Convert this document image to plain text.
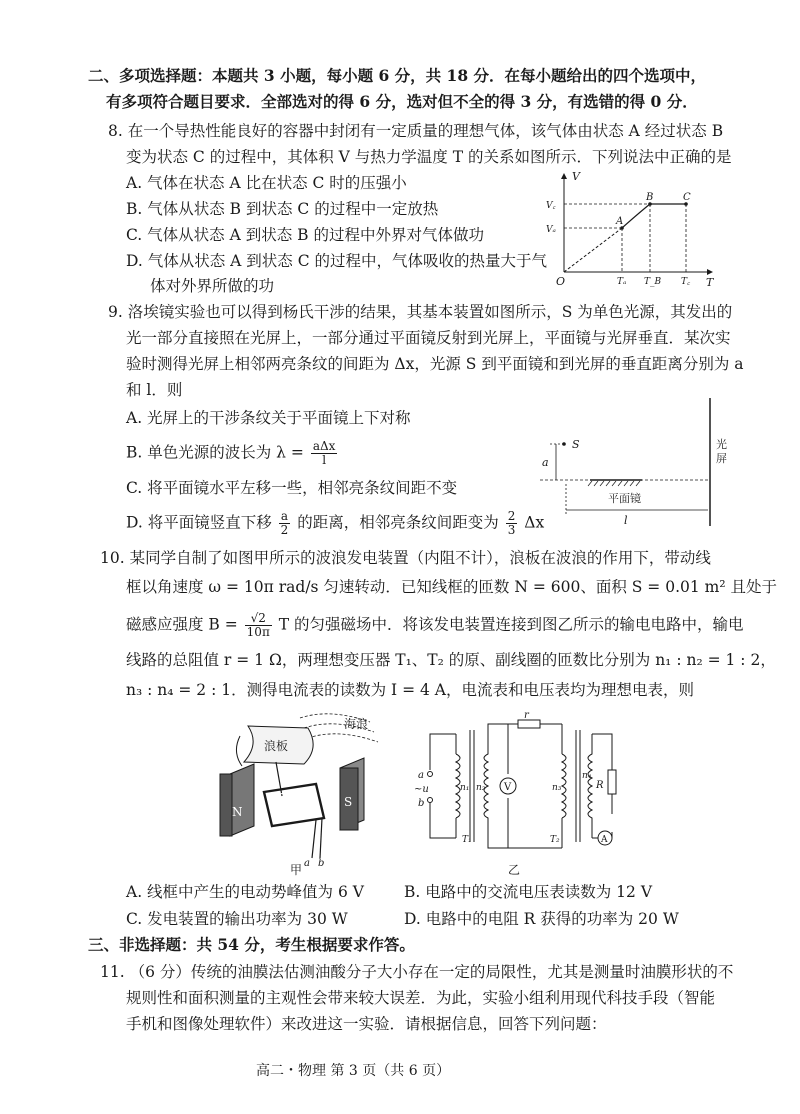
二、多项选择题：本题共 3 小题，每小题 6 分，共 18 分．在每小题给出的四个选项中，
有多项符合题目要求．全部选对的得 6 分，选对但不全的得 3 分，有选错的得 0 分．
8. 在一个导热性能良好的容器中封闭有一定质量的理想气体，该气体由状态 A 经过状态 B
变为状态 C 的过程中，其体积 V 与热力学温度 T 的关系如图所示．下列说法中正确的是
A. 气体在状态 A 比在状态 C 时的压强小
B. 气体从状态 B 到状态 C 的过程中一定放热
C. 气体从状态 A 到状态 B 的过程中外界对气体做功
D. 气体从状态 A 到状态 C 的过程中，气体吸收的热量大于气
体对外界所做的功
V
T
O
A
B	C
V꜀
Vₐ
Tₐ T_B T꜀
9. 洛埃镜实验也可以得到杨氏干涉的结果，其基本装置如图所示，S 为单色光源，其发出的
光一部分直接照在光屏上，一部分通过平面镜反射到光屏上，平面镜与光屏垂直．某次实
验时测得光屏上相邻两亮条纹的间距为 Δx，光源 S 到平面镜和到光屏的垂直距离分别为 a
和 l．则
A. 光屏上的干涉条纹关于平面镜上下对称
B. 单色光源的波长为 $\lambda = \frac{\text{aΔx}}{l}$
C. 将平面镜水平左移一些，相邻亮条纹间距不变
D. 将平面镜竖直下移 $\frac{a}{2}$ 的距离，相邻亮条纹间距变为 $\frac{2}{3}$ Δx
光
屏
S
a
平面镜
l
10. 某同学自制了如图甲所示的波浪发电装置（内阻不计），浪板在波浪的作用下，带动线
框以角速度 ω = 10π rad/s 匀速转动．已知线框的匝数 N = 600、面积 S = 0.01 m² 且处于
磁感应强度 $B = \frac{√2}{10\pi}$ T 的匀强磁场中．将该发电装置连接到图乙所示的输电电路中，输电
线路的总阻值 r = 1 Ω，两理想变压器 T₁、T₂ 的原、副线圈的匝数比分别为 n₁ : n₂ = 1 : 2，
n₃ : n₄ = 2 : 1．测得电流表的读数为 I = 4 A，电流表和电压表均为理想电表，则
海浪
浪板
N
S
a b
甲
a
~u
b
n₁ n₂	n₃
n₄
r
V	R
A
T₁	T₂
乙
A. 线框中产生的电动势峰值为 6 V	B. 电路中的交流电压表读数为 12 V
C. 发电装置的输出功率为 30 W	D. 电路中的电阻 R 获得的功率为 20 W
三、非选择题：共 54 分，考生根据要求作答。
11. （6 分）传统的油膜法估测油酸分子大小存在一定的局限性，尤其是测量时油膜形状的不
规则性和面积测量的主观性会带来较大误差．为此，实验小组利用现代科技手段（智能
手机和图像处理软件）来改进这一实验．请根据信息，回答下列问题：
高二・物理 第 3 页（共 6 页）
